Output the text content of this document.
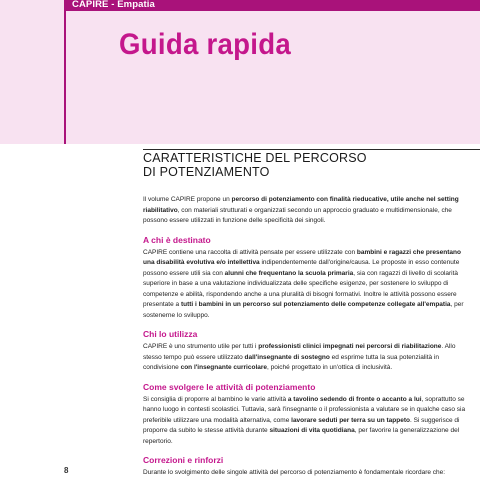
CAPIRE - Empatia
Guida rapida
CARATTERISTICHE DEL PERCORSO
DI POTENZIAMENTO

Il volume CAPIRE propone un percorso di potenziamento con finalità rieducative, utile anche nel setting riabilitativo, con materiali strutturati e organizzati secondo un approccio graduato e multidimensionale, che possono essere utilizzati in funzione delle specificità dei singoli.

A chi è destinato

CAPIRE contiene una raccolta di attività pensate per essere utilizzate con bambini e ragazzi che presentano una disabilità evolutiva e/o intellettiva indipendentemente dall'origine/causa. Le proposte in esso contenute possono essere utili sia con alunni che frequentano la scuola primaria, sia con ragazzi di livello di scolarità superiore in base a una valutazione individualizzata delle specifiche esigenze, per sostenere lo sviluppo di competenze e abilità, rispondendo anche a una pluralità di bisogni formativi. Inoltre le attività possono essere presentate a tutti i bambini in un percorso sul potenziamento delle competenze collegate all'empatia, per sostenerne lo sviluppo.

Chi lo utilizza

CAPIRE è uno strumento utile per tutti i professionisti clinici impegnati nei percorsi di riabilitazione. Allo stesso tempo può essere utilizzato dall'insegnante di sostegno ed esprime tutta la sua potenzialità in condivisione con l'insegnante curricolare, poiché progettato in un'ottica di inclusività.

Come svolgere le attività di potenziamento

Si consiglia di proporre al bambino le varie attività a tavolino sedendo di fronte o accanto a lui, soprattutto se hanno luogo in contesti scolastici. Tuttavia, sarà l'insegnante o il professionista a valutare se in qualche caso sia preferibile utilizzare una modalità alternativa, come lavorare seduti per terra su un tappeto. Si suggerisce di proporre da subito le stesse attività durante situazioni di vita quotidiana, per favorire la generalizzazione del repertorio.

Correzioni e rinforzi

Durante lo svolgimento delle singole attività del percorso di potenziamento è fondamentale ricordare che:

8
